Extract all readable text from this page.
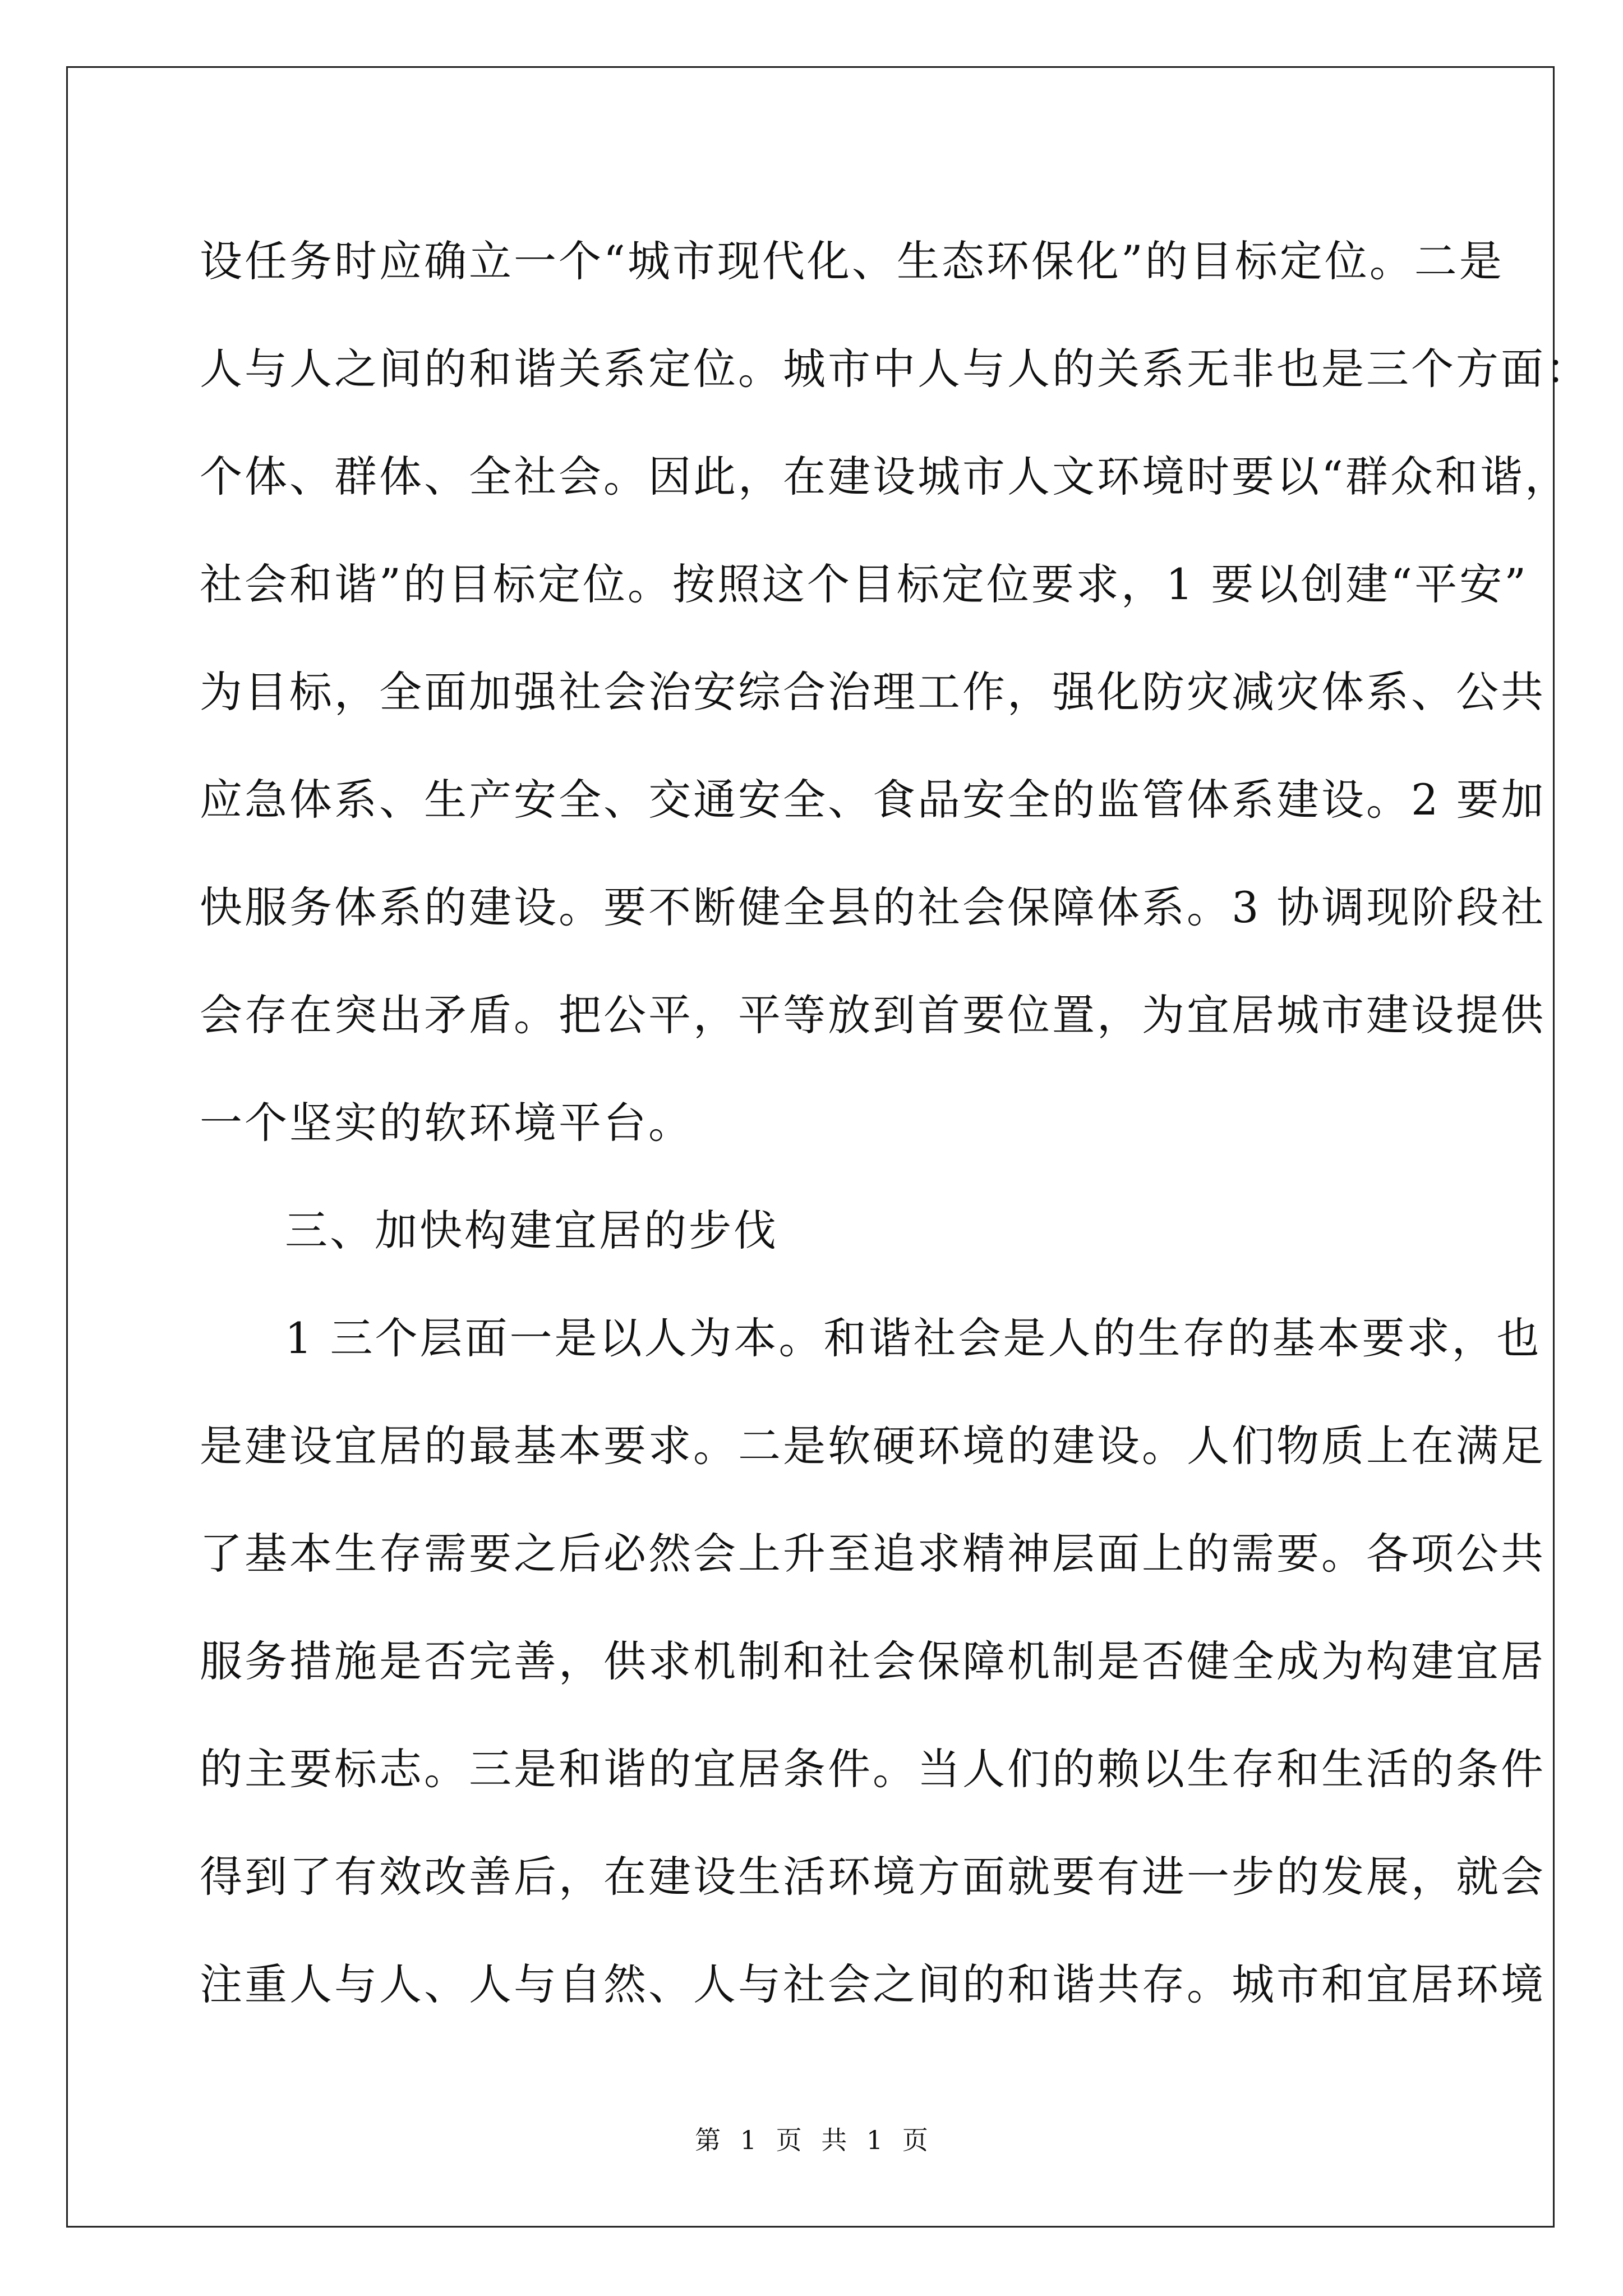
设任务时应确立一个“城市现代化、生态环保化”的目标定位。二是
人与人之间的和谐关系定位。城市中人与人的关系无非也是三个方面：
个体、群体、全社会。因此，在建设城市人文环境时要以“群众和谐，
社会和谐”的目标定位。按照这个目标定位要求，1 要以创建“平安”
为目标，全面加强社会治安综合治理工作，强化防灾减灾体系、公共
应急体系、生产安全、交通安全、食品安全的监管体系建设。2 要加
快服务体系的建设。要不断健全县的社会保障体系。3 协调现阶段社
会存在突出矛盾。把公平，平等放到首要位置，为宜居城市建设提供
一个坚实的软环境平台。
三、加快构建宜居的步伐
1 三个层面一是以人为本。和谐社会是人的生存的基本要求，也
是建设宜居的最基本要求。二是软硬环境的建设。人们物质上在满足
了基本生存需要之后必然会上升至追求精神层面上的需要。各项公共
服务措施是否完善，供求机制和社会保障机制是否健全成为构建宜居
的主要标志。三是和谐的宜居条件。当人们的赖以生存和生活的条件
得到了有效改善后，在建设生活环境方面就要有进一步的发展，就会
注重人与人、人与自然、人与社会之间的和谐共存。城市和宜居环境
第 1 页 共 1 页
